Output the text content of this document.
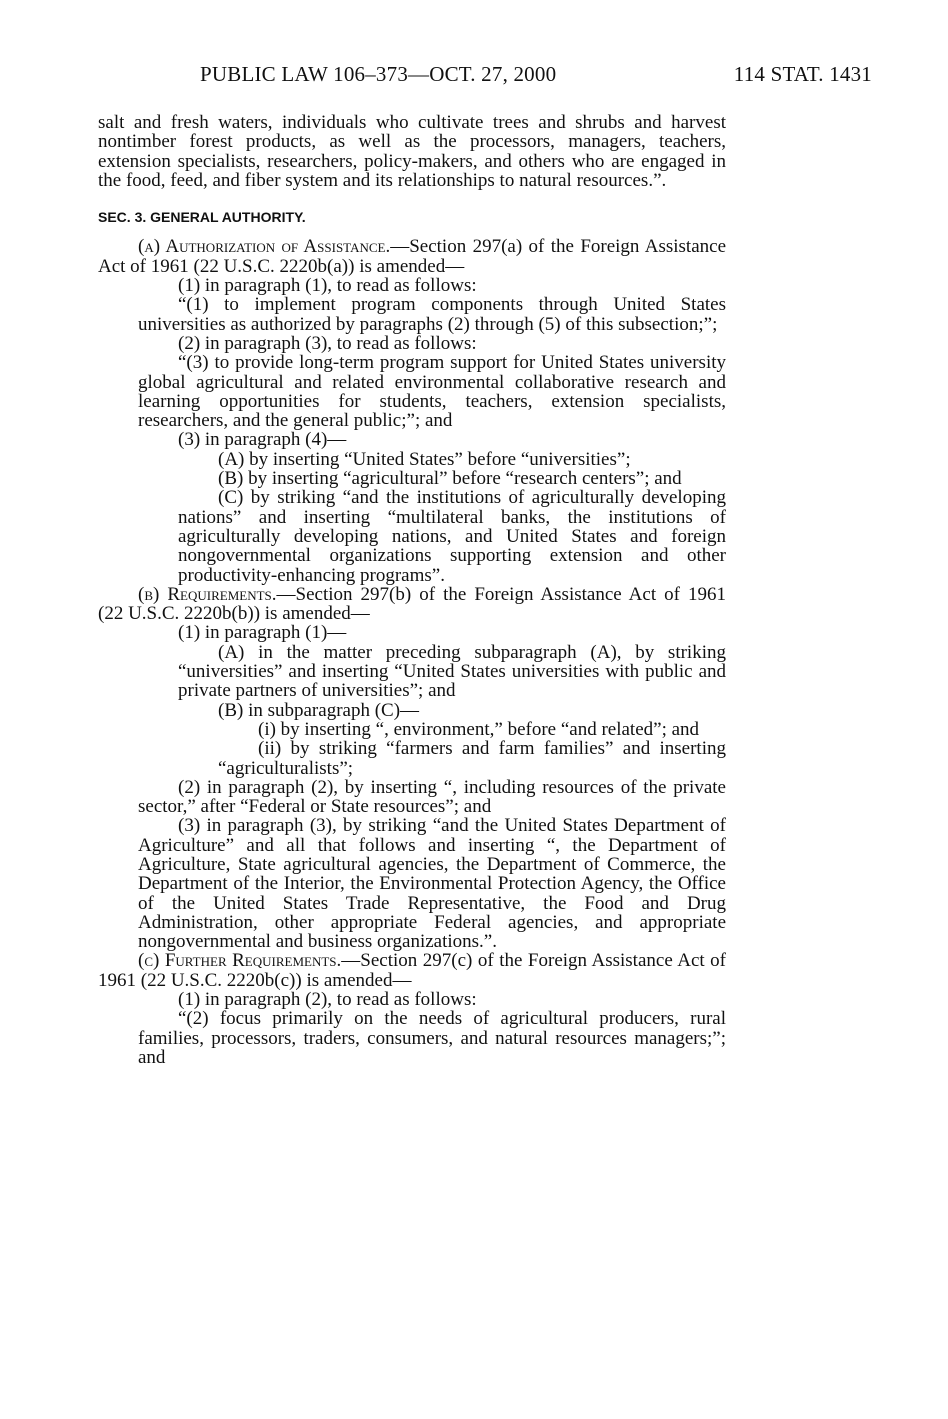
PUBLIC LAW 106–373—OCT. 27, 2000	114 STAT. 1431

salt and fresh waters, individuals who cultivate trees and shrubs and harvest nontimber forest products, as well as the processors, managers, teachers, extension specialists, researchers, policy-makers, and others who are engaged in the food, feed, and fiber system and its relationships to natural resources.”.

SEC. 3. GENERAL AUTHORITY.

(a) Authorization of Assistance.—Section 297(a) of the Foreign Assistance Act of 1961 (22 U.S.C. 2220b(a)) is amended—

(1) in paragraph (1), to read as follows:

“(1) to implement program components through United States universities as authorized by paragraphs (2) through (5) of this subsection;”;

(2) in paragraph (3), to read as follows:

“(3) to provide long-term program support for United States university global agricultural and related environmental collaborative research and learning opportunities for students, teachers, extension specialists, researchers, and the general public;”; and

(3) in paragraph (4)—

(A) by inserting “United States” before “universities”;

(B) by inserting “agricultural” before “research centers”; and

(C) by striking “and the institutions of agriculturally developing nations” and inserting “multilateral banks, the institutions of agriculturally developing nations, and United States and foreign nongovernmental organizations supporting extension and other productivity-enhancing programs”.

(b) Requirements.—Section 297(b) of the Foreign Assistance Act of 1961 (22 U.S.C. 2220b(b)) is amended—

(1) in paragraph (1)—

(A) in the matter preceding subparagraph (A), by striking “universities” and inserting “United States universities with public and private partners of universities”; and

(B) in subparagraph (C)—

(i) by inserting “, environment,” before “and related”; and

(ii) by striking “farmers and farm families” and inserting “agriculturalists”;

(2) in paragraph (2), by inserting “, including resources of the private sector,” after “Federal or State resources”; and

(3) in paragraph (3), by striking “and the United States Department of Agriculture” and all that follows and inserting “, the Department of Agriculture, State agricultural agencies, the Department of Commerce, the Department of the Interior, the Environmental Protection Agency, the Office of the United States Trade Representative, the Food and Drug Administration, other appropriate Federal agencies, and appropriate nongovernmental and business organizations.”.

(c) Further Requirements.—Section 297(c) of the Foreign Assistance Act of 1961 (22 U.S.C. 2220b(c)) is amended—

(1) in paragraph (2), to read as follows:

“(2) focus primarily on the needs of agricultural producers, rural families, processors, traders, consumers, and natural resources managers;”; and
